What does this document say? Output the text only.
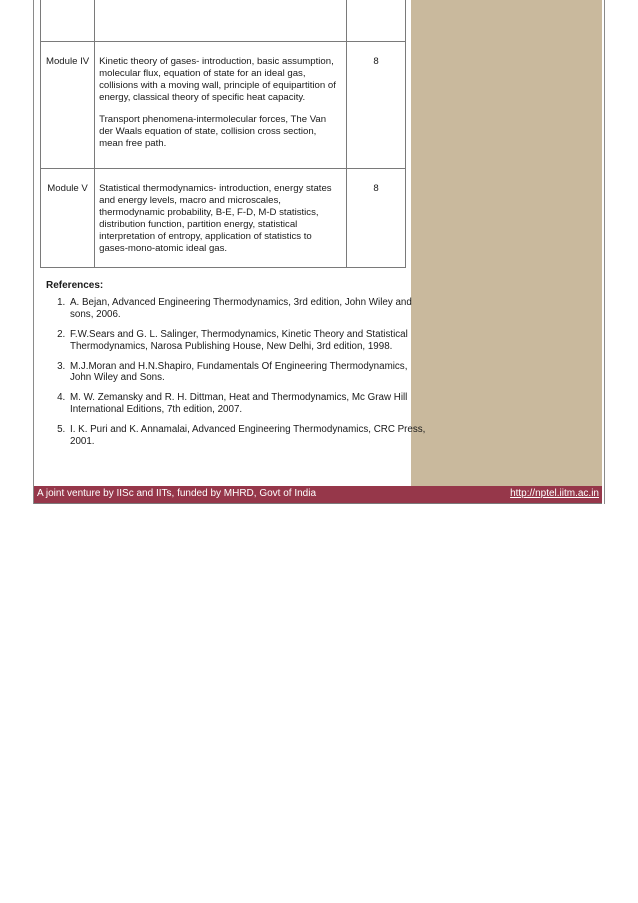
Module IV	Kinetic theory of gases- introduction, basic assumption, molecular flux, equation of state for an ideal gas, collisions with a moving wall, principle of equipartition of energy, classical theory of specific heat capacity.

Transport phenomena-intermolecular forces, The Van der Waals equation of state, collision cross section, mean free path.	8
Module V	Statistical thermodynamics- introduction, energy states and energy levels, macro and microscales, thermodynamic probability, B-E, F-D, M-D statistics, distribution function, partition energy, statistical interpretation of entropy, application of statistics to gases-mono-atomic ideal gas.	8
References:
1. A. Bejan, Advanced Engineering Thermodynamics, 3rd edition, John Wiley and sons, 2006.
2. F.W.Sears and G. L. Salinger, Thermodynamics, Kinetic Theory and Statistical Thermodynamics, Narosa Publishing House, New Delhi, 3rd edition, 1998.
3. M.J.Moran and H.N.Shapiro, Fundamentals Of Engineering Thermodynamics, John Wiley and Sons.
4. M. W. Zemansky and R. H. Dittman, Heat and Thermodynamics, Mc Graw Hill International Editions, 7th edition, 2007.
5. I. K. Puri and K. Annamalai, Advanced Engineering Thermodynamics, CRC Press, 2001.
A joint venture by IISc and IITs, funded by MHRD, Govt of India	http://nptel.iitm.ac.in
